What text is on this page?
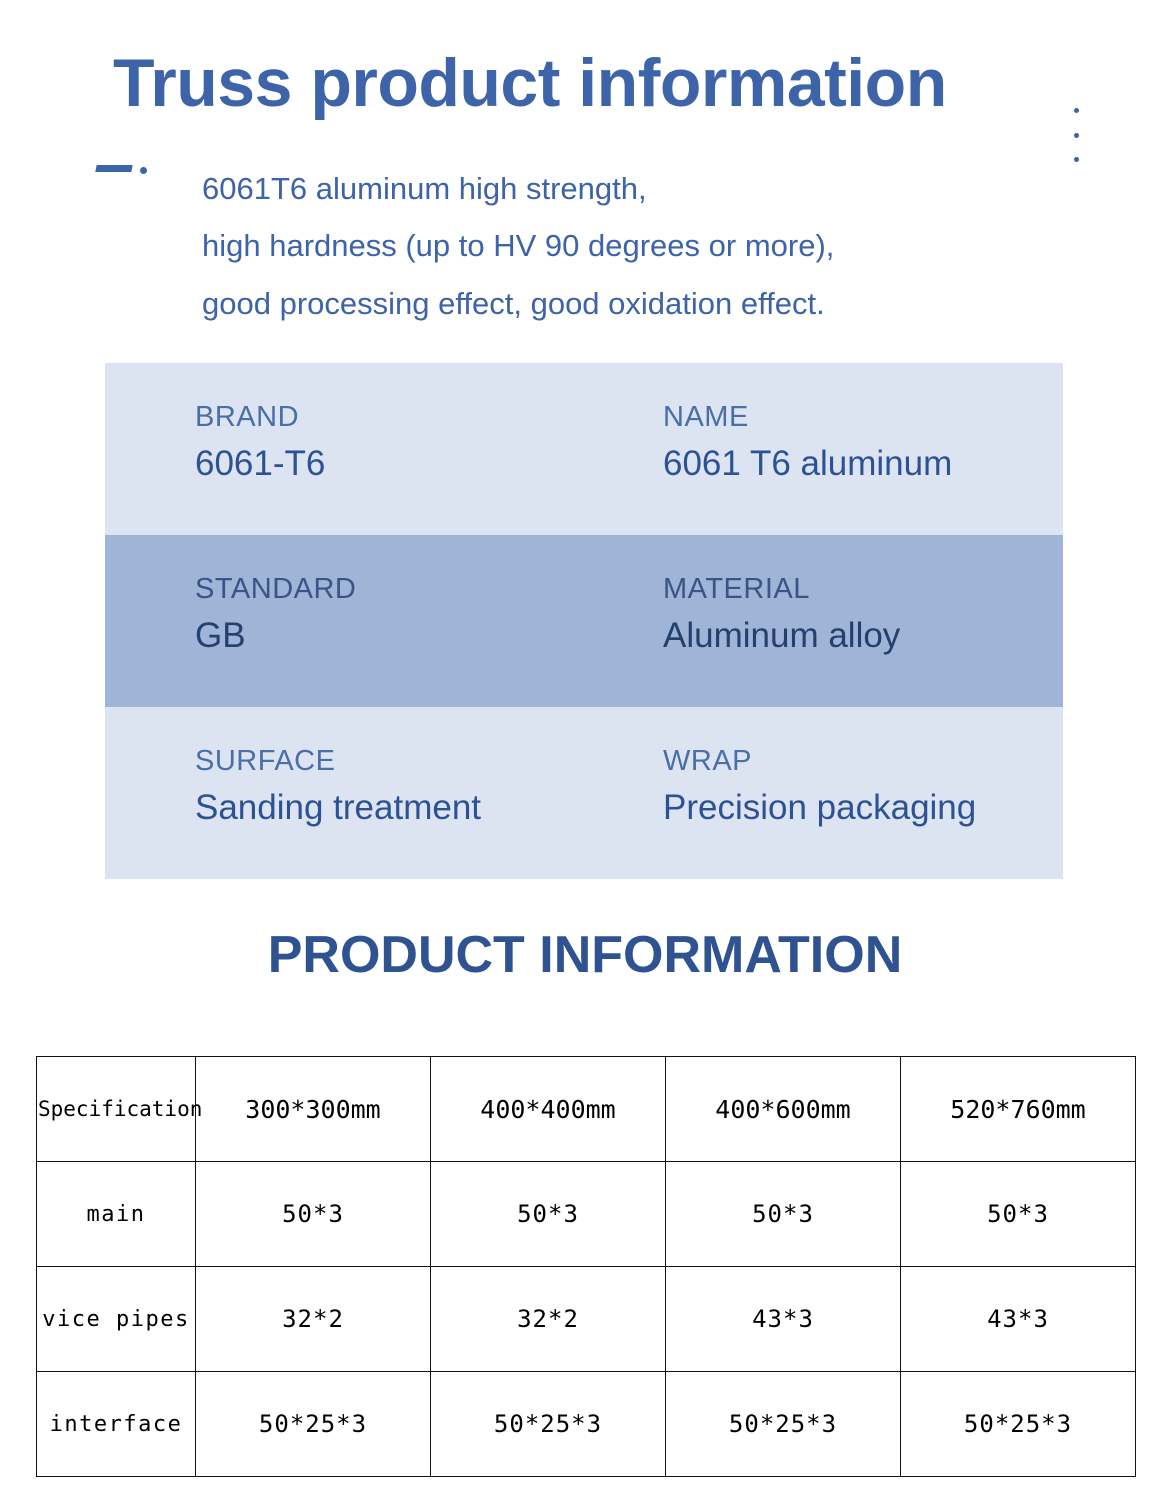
Truss product information
6061T6 aluminum high strength,
high hardness (up to HV 90 degrees or more),
good processing effect, good oxidation effect.
BRAND
6061-T6
NAME
6061 T6 aluminum
STANDARD
GB
MATERIAL
Aluminum alloy
SURFACE
Sanding treatment
WRAP
Precision packaging
PRODUCT INFORMATION
Specification	300*300mm	400*400mm	400*600mm	520*760mm
main	50*3	50*3	50*3	50*3
vice pipes	32*2	32*2	43*3	43*3
interface	50*25*3	50*25*3	50*25*3	50*25*3
